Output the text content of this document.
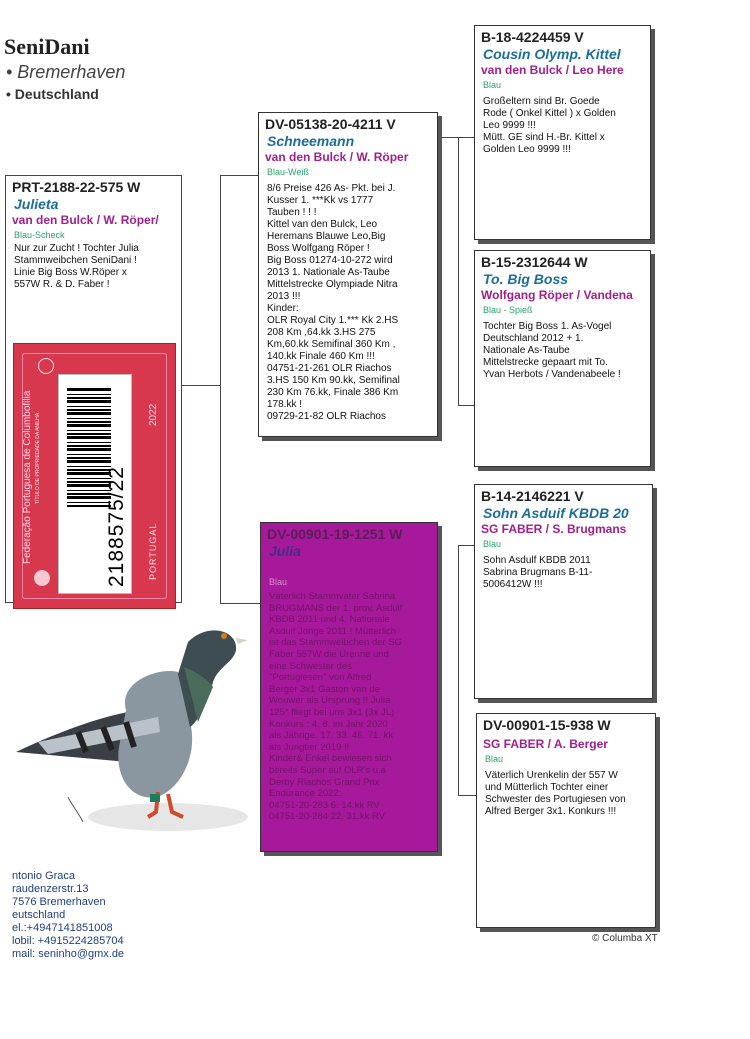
SeniDani
• Bremerhaven
• Deutschland
PRT-2188-22-575 W
Julieta
van den Bulck / W. Röper/
Blau-Scheck
Nur zur Zucht ! Tochter Julia
Stammweibchen SeniDani !
Linie Big Boss W.Röper x
557W R. & D. Faber !
Federação Portuguesa de Columbofilia TÍTULO DE PROPRIEDADE DA ANILHA
2188575/22
2022
PORTUGAL
DV-05138-20-4211 V
Schneemann
van den Bulck / W. Röper
Blau-Weiß
8/6 Preise 426 As- Pkt. bei J.
Kusser 1. ***Kk vs 1777
Tauben ! ! !
Kittel van den Bulck, Leo
Heremans Blauwe Leo,Big
Boss Wolfgang Röper !
Big Boss 01274-10-272 wird
2013 1. Nationale As-Taube
Mittelstrecke Olympiade Nitra
2013 !!!
Kinder:
OLR Royal City 1.*** Kk 2.HS
208 Km ,64.kk 3.HS 275
Km,60.kk Semifinal 360 Km ,
140.kk Finale 460 Km !!!
04751-21-261 OLR Riachos
3.HS 150 Km 90.kk, Semifinal
230 Km 76.kk, Finale 386 Km
178.kk !
09729-21-82 OLR Riachos
DV-00901-19-1251 W
Julia
Blau
Väterlich Stammvater Sabrina
BRUGMANS der 1. prov. Asduif
KBDB 2011 und 4. Nationale
Asduif Jonge 2011 ! Mütterlich
ist das Stammweibchen der SG
Faber 557W die Urenne und
eine Schwester des
"Portugiesen" von Alfred
Berger 3x1 Gaston van de
Wouwer als Ursprung !! Julia
125* fliegt bei uns 3x1 (3x JL)
Konkurs : 4. 8. im Jahr 2020
als Jährige. 17. 33. 46. 71. kk
als Jungtier 2019 !!
Kinder& Enkel bewiesen sich
bereits Super auf OLR's u.a
Derby Riachos Grand Prix
Endurance 2022:
04751-20-283 6. 14.kk RV
04751-20-284 22. 31.kk RV
B-18-4224459 V
Cousin Olymp. Kittel
van den Bulck / Leo Here
Blau
Großeltern sind Br. Goede
Rode ( Onkel Kittel ) x Golden
Leo 9999 !!!
Mütt. GE sind H.-Br. Kittel x
Golden Leo 9999 !!!
B-15-2312644 W
To. Big Boss
Wolfgang Röper / Vandena
Blau - Spieß
Tochter Big Boss 1. As-Vogel
Deutschland 2012 + 1.
Nationale As-Taube
Mittelstrecke gepaart mit To.
Yvan Herbots / Vandenabeele !
B-14-2146221 V
Sohn Asduif KBDB 20
SG FABER / S. Brugmans
Blau
Sohn Asdulf KBDB 2011
Sabrina Brugmans B-11-
5006412W !!!
DV-00901-15-938 W
SG FABER / A. Berger
Blau
Väterlich Urenkelin der 557 W
und Mütterlich Tochter einer
Schwester des Portugiesen von
Alfred Berger 3x1. Konkurs !!!
ntonio Graca
raudenzerstr.13
7576 Bremerhaven
eutschland
el.:+4947141851008
lobil: +4915224285704
mail: seninho@gmx.de
© Columba XT
